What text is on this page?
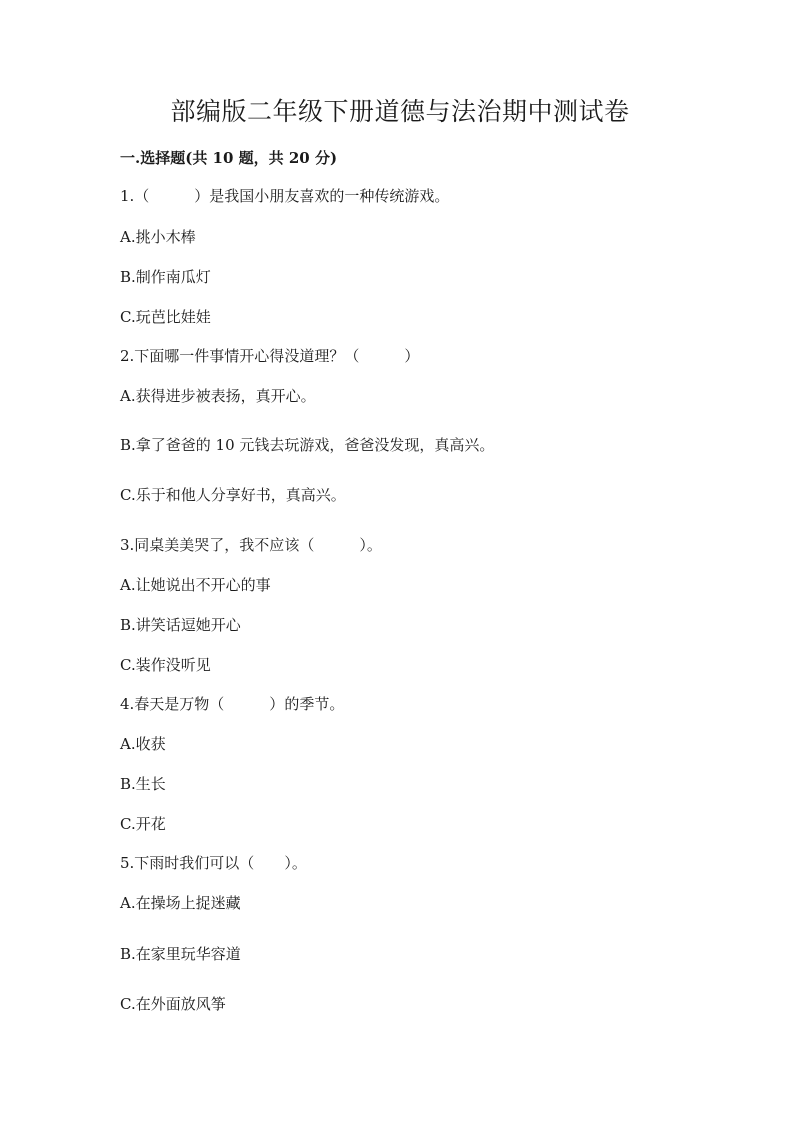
部编版二年级下册道德与法治期中测试卷
一.选择题(共 10 题，共 20 分)
1.（　　　）是我国小朋友喜欢的一种传统游戏。
A.挑小木棒
B.制作南瓜灯
C.玩芭比娃娃
2.下面哪一件事情开心得没道理？（　　　）
A.获得进步被表扬，真开心。
B.拿了爸爸的 10 元钱去玩游戏，爸爸没发现，真高兴。
C.乐于和他人分享好书，真高兴。
3.同桌美美哭了，我不应该（　　　）。
A.让她说出不开心的事
B.讲笑话逗她开心
C.装作没听见
4.春天是万物（　　　）的季节。
A.收获
B.生长
C.开花
5.下雨时我们可以（　　）。
A.在操场上捉迷藏
B.在家里玩华容道
C.在外面放风筝
